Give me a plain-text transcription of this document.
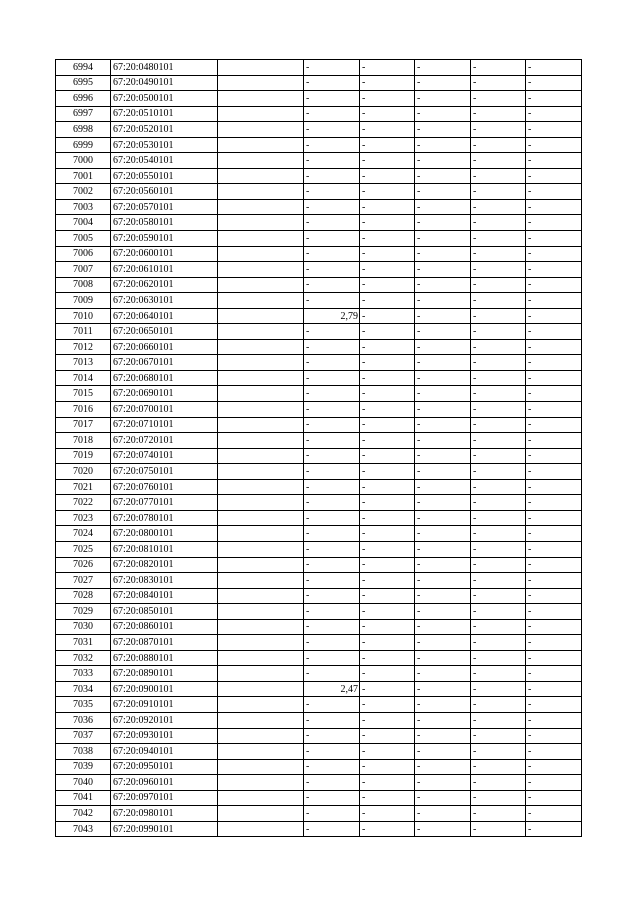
6994	67:20:0480101		-	-	-	-	-
6995	67:20:0490101		-	-	-	-	-
6996	67:20:0500101		-	-	-	-	-
6997	67:20:0510101		-	-	-	-	-
6998	67:20:0520101		-	-	-	-	-
6999	67:20:0530101		-	-	-	-	-
7000	67:20:0540101		-	-	-	-	-
7001	67:20:0550101		-	-	-	-	-
7002	67:20:0560101		-	-	-	-	-
7003	67:20:0570101		-	-	-	-	-
7004	67:20:0580101		-	-	-	-	-
7005	67:20:0590101		-	-	-	-	-
7006	67:20:0600101		-	-	-	-	-
7007	67:20:0610101		-	-	-	-	-
7008	67:20:0620101		-	-	-	-	-
7009	67:20:0630101		-	-	-	-	-
7010	67:20:0640101		2,79	-	-	-	-
7011	67:20:0650101		-	-	-	-	-
7012	67:20:0660101		-	-	-	-	-
7013	67:20:0670101		-	-	-	-	-
7014	67:20:0680101		-	-	-	-	-
7015	67:20:0690101		-	-	-	-	-
7016	67:20:0700101		-	-	-	-	-
7017	67:20:0710101		-	-	-	-	-
7018	67:20:0720101		-	-	-	-	-
7019	67:20:0740101		-	-	-	-	-
7020	67:20:0750101		-	-	-	-	-
7021	67:20:0760101		-	-	-	-	-
7022	67:20:0770101		-	-	-	-	-
7023	67:20:0780101		-	-	-	-	-
7024	67:20:0800101		-	-	-	-	-
7025	67:20:0810101		-	-	-	-	-
7026	67:20:0820101		-	-	-	-	-
7027	67:20:0830101		-	-	-	-	-
7028	67:20:0840101		-	-	-	-	-
7029	67:20:0850101		-	-	-	-	-
7030	67:20:0860101		-	-	-	-	-
7031	67:20:0870101		-	-	-	-	-
7032	67:20:0880101		-	-	-	-	-
7033	67:20:0890101		-	-	-	-	-
7034	67:20:0900101		2,47	-	-	-	-
7035	67:20:0910101		-	-	-	-	-
7036	67:20:0920101		-	-	-	-	-
7037	67:20:0930101		-	-	-	-	-
7038	67:20:0940101		-	-	-	-	-
7039	67:20:0950101		-	-	-	-	-
7040	67:20:0960101		-	-	-	-	-
7041	67:20:0970101		-	-	-	-	-
7042	67:20:0980101		-	-	-	-	-
7043	67:20:0990101		-	-	-	-	-
